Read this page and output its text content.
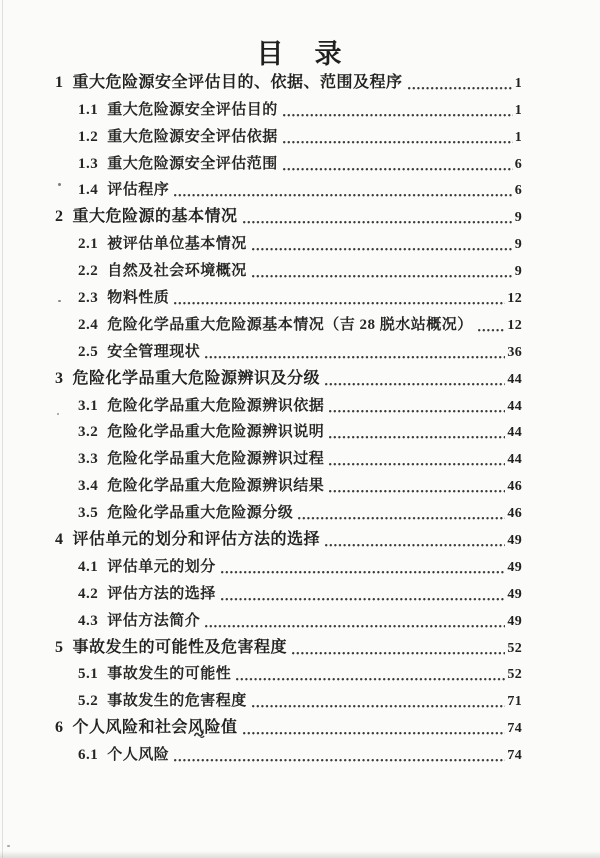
目　录
1 重大危险源安全评估目的、依据、范围及程序	1
1.1 重大危险源安全评估目的	1
1.2 重大危险源安全评估依据	1
1.3 重大危险源安全评估范围	6
1.4 评估程序	6
2 重大危险源的基本情况	9
2.1 被评估单位基本情况	9
2.2 自然及社会环境概况	9
2.3 物料性质	12
2.4 危险化学品重大危险源基本情况（吉 28 脱水站概况） 12
2.5 安全管理现状	36
3 危险化学品重大危险源辨识及分级	44
3.1 危险化学品重大危险源辨识依据	44
3.2 危险化学品重大危险源辨识说明	44
3.3 危险化学品重大危险源辨识过程	44
3.4 危险化学品重大危险源辨识结果	46
3.5 危险化学品重大危险源分级	46
4 评估单元的划分和评估方法的选择	49
4.1 评估单元的划分	49
4.2 评估方法的选择	49
4.3 评估方法简介	49
5 事故发生的可能性及危害程度	52
5.1 事故发生的可能性	52
5.2 事故发生的危害程度	71
6 个人风险和社会风险值	74
6.1 个人风险	74
